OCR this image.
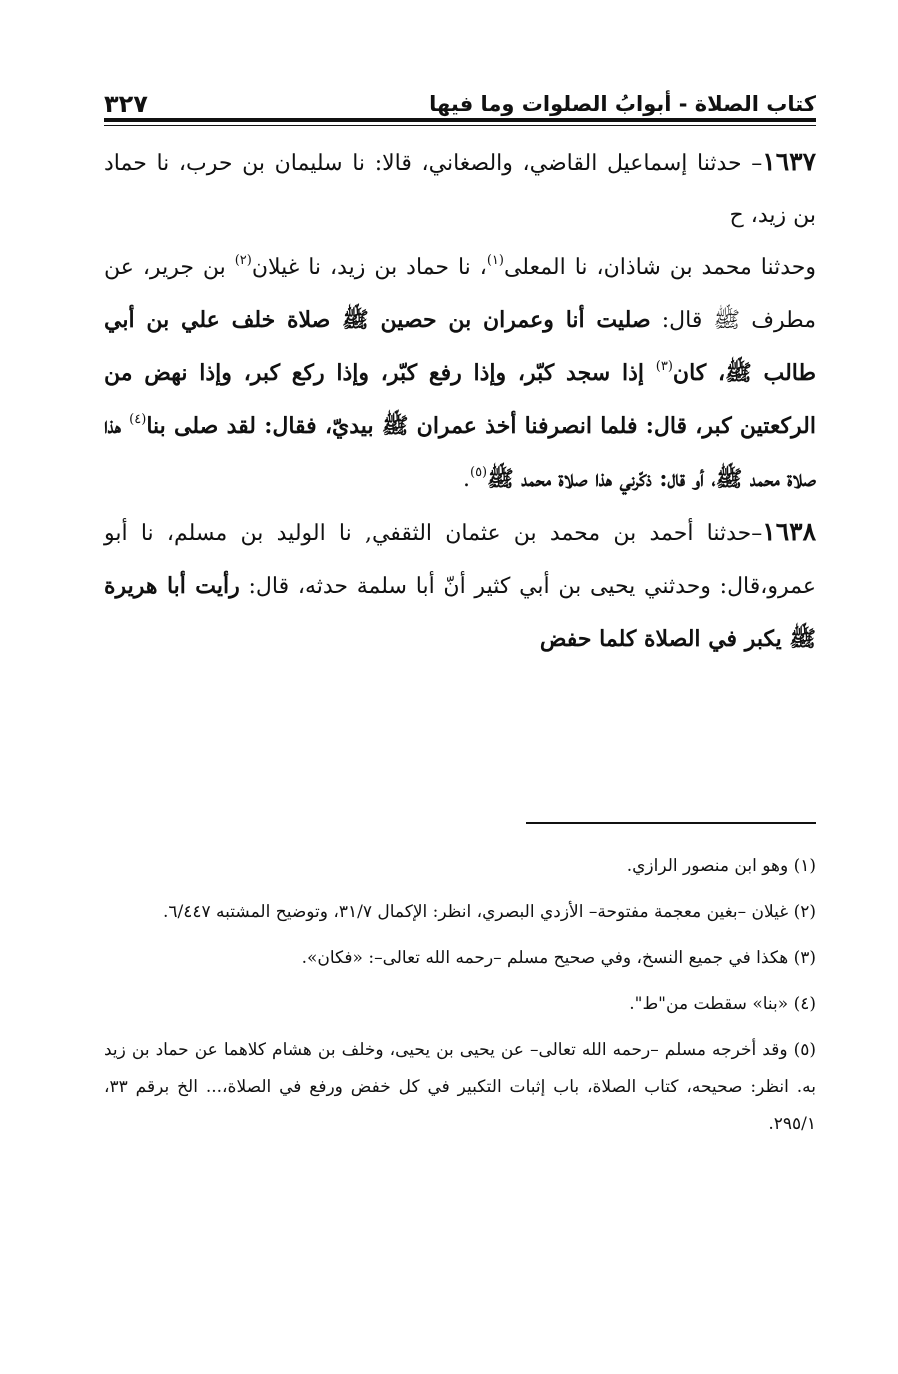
كتاب الصلاة - أبوابُ الصلوات وما فيها
٣٢٧

١٦٣٧– حدثنا إسماعيل القاضي، والصغاني، قالا: نا سليمان بن حرب، نا حماد بن زيد، ح

وحدثنا محمد بن شاذان، نا المعلى$^{(١)}$، نا حماد بن زيد، نا غيلان$^{(٢)}$ بن جرير، عن مطرف ﷺ قال: صليت أنا وعمران بن حصين ﷺ صلاة خلف علي بن أبي طالب ﷺ، كان$^{(٣)}$ إذا سجد كبّر، وإذا رفع كبّر، وإذا ركع كبر، وإذا نهض من الركعتين كبر، قال: فلما انصرفنا أخذ عمران ﷺ بيديّ، فقال: لقد صلى بنا$^{(٤)}$ هذا صلاة محمد ﷺ، أو قال: ذكّرني هذا صلاة محمد ﷺ$^{(٥)}$.

١٦٣٨–حدثنا أحمد بن محمد بن عثمان الثقفي, نا الوليد بن مسلم، نا أبو عمرو،قال: وحدثني يحيى بن أبي كثير أنّ أبا سلمة حدثه، قال: رأيت أبا هريرة ﷺ يكبر في الصلاة كلما حفض

(١) وهو ابن منصور الرازي.

(٢) غيلان –بغين معجمة مفتوحة– الأزدي البصري، انظر: الإكمال ٣١/٧، وتوضيح المشتبه ٦/٤٤٧.

(٣) هكذا في جميع النسخ، وفي صحيح مسلم –رحمه الله تعالى–: «فكان».

(٤) «بنا» سقطت من"ط".

(٥) وقد أخرجه مسلم –رحمه الله تعالى– عن يحيى بن يحيى، وخلف بن هشام كلاهما عن حماد بن زيد به. انظر: صحيحه، كتاب الصلاة، باب إثبات التكبير في كل خفض ورفع في الصلاة،... الخ برقم ٣٣، ٢٩٥/١.
